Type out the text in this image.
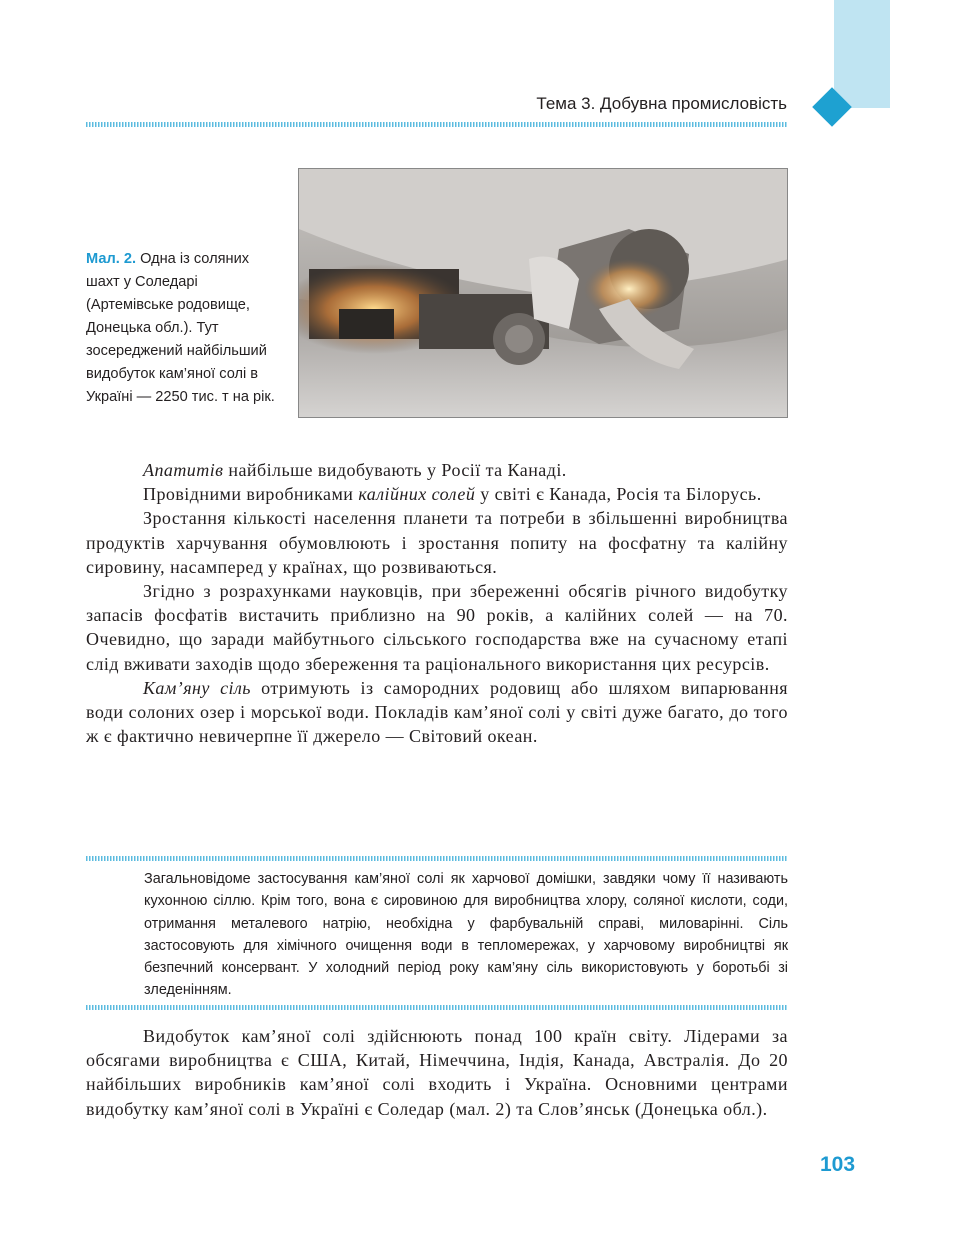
Тема 3. Добувна промисловість
Мал. 2. Одна із соляних шахт у Соледарі (Артемівське родовище, Донецька обл.). Тут зосереджений найбільший видобуток кам’яної солі в Україні — 2250 тис. т на рік.

Апатитів найбільше видобувають у Росії та Канаді.

Провідними виробниками калійних солей у світі є Канада, Росія та Білорусь.

Зростання кількості населення планети та потреби в збільшенні виробництва продуктів харчування обумовлюють і зростання попиту на фосфатну та калійну сировину, насамперед у країнах, що розвиваються.

Згідно з розрахунками науковців, при збереженні обсягів річного видобутку запасів фосфатів вистачить приблизно на 90 років, а калійних солей — на 70. Очевидно, що заради майбутнього сільського господарства вже на сучасному етапі слід вживати заходів щодо збереження та раціонального використання цих ресурсів.

Кам’яну сіль отримують із самородних родовищ або шляхом випарювання води солоних озер і морської води. Покладів кам’яної солі у світі дуже багато, до того ж є фактично невичерпне її джерело — Світовий океан.

Загальновідоме застосування кам’яної солі як харчової домішки, завдяки чому її називають кухонною сіллю. Крім того, вона є сировиною для виробництва хлору, соляної кислоти, соди, отримання металевого натрію, необхідна у фарбувальній справі, миловарінні. Сіль застосовують для хімічного очищення води в тепломережах, у харчовому виробництві як безпечний консервант. У холодний період року кам’яну сіль використовують у боротьбі зі зледенінням.

Видобуток кам’яної солі здійснюють понад 100 країн світу. Лідерами за обсягами виробництва є США, Китай, Німеччина, Індія, Канада, Австралія. До 20 найбільших виробників кам’яної солі входить і Україна. Основними центрами видобутку кам’яної солі в Україні є Соледар (мал. 2) та Слов’янськ (Донецька обл.).

103
